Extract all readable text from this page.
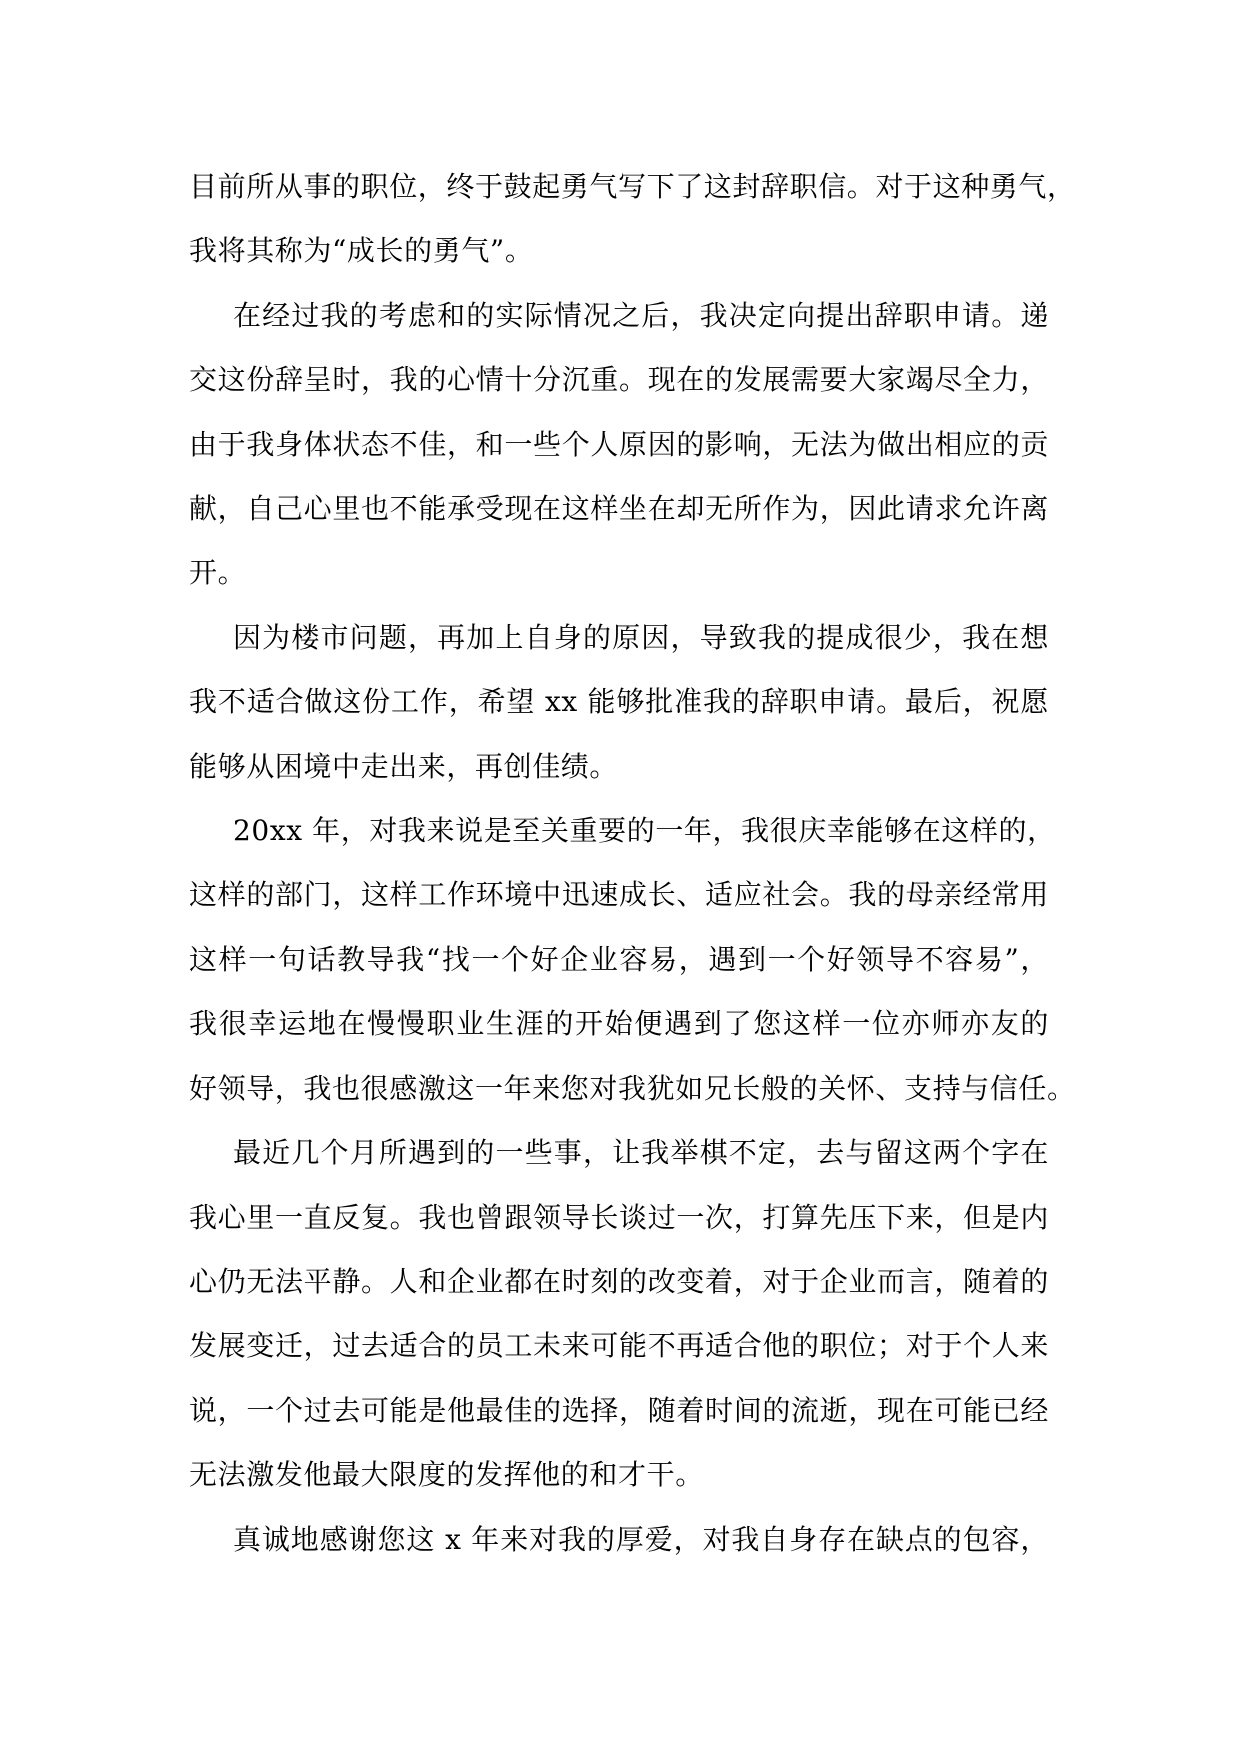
目前所从事的职位，终于鼓起勇气写下了这封辞职信。对于这种勇气，
我将其称为“成长的勇气”。
在经过我的考虑和的实际情况之后，我决定向提出辞职申请。递
交这份辞呈时，我的心情十分沉重。现在的发展需要大家竭尽全力，
由于我身体状态不佳，和一些个人原因的影响，无法为做出相应的贡
献，自己心里也不能承受现在这样坐在却无所作为，因此请求允许离
开。
因为楼市问题，再加上自身的原因，导致我的提成很少，我在想
我不适合做这份工作，希望 xx 能够批准我的辞职申请。最后，祝愿
能够从困境中走出来，再创佳绩。
20xx 年，对我来说是至关重要的一年，我很庆幸能够在这样的，
这样的部门，这样工作环境中迅速成长、适应社会。我的母亲经常用
这样一句话教导我“找一个好企业容易，遇到一个好领导不容易”，
我很幸运地在慢慢职业生涯的开始便遇到了您这样一位亦师亦友的
好领导，我也很感激这一年来您对我犹如兄长般的关怀、支持与信任。
最近几个月所遇到的一些事，让我举棋不定，去与留这两个字在
我心里一直反复。我也曾跟领导长谈过一次，打算先压下来，但是内
心仍无法平静。人和企业都在时刻的改变着，对于企业而言，随着的
发展变迁，过去适合的员工未来可能不再适合他的职位；对于个人来
说，一个过去可能是他最佳的选择，随着时间的流逝，现在可能已经
无法激发他最大限度的发挥他的和才干。
真诚地感谢您这 x 年来对我的厚爱，对我自身存在缺点的包容，
